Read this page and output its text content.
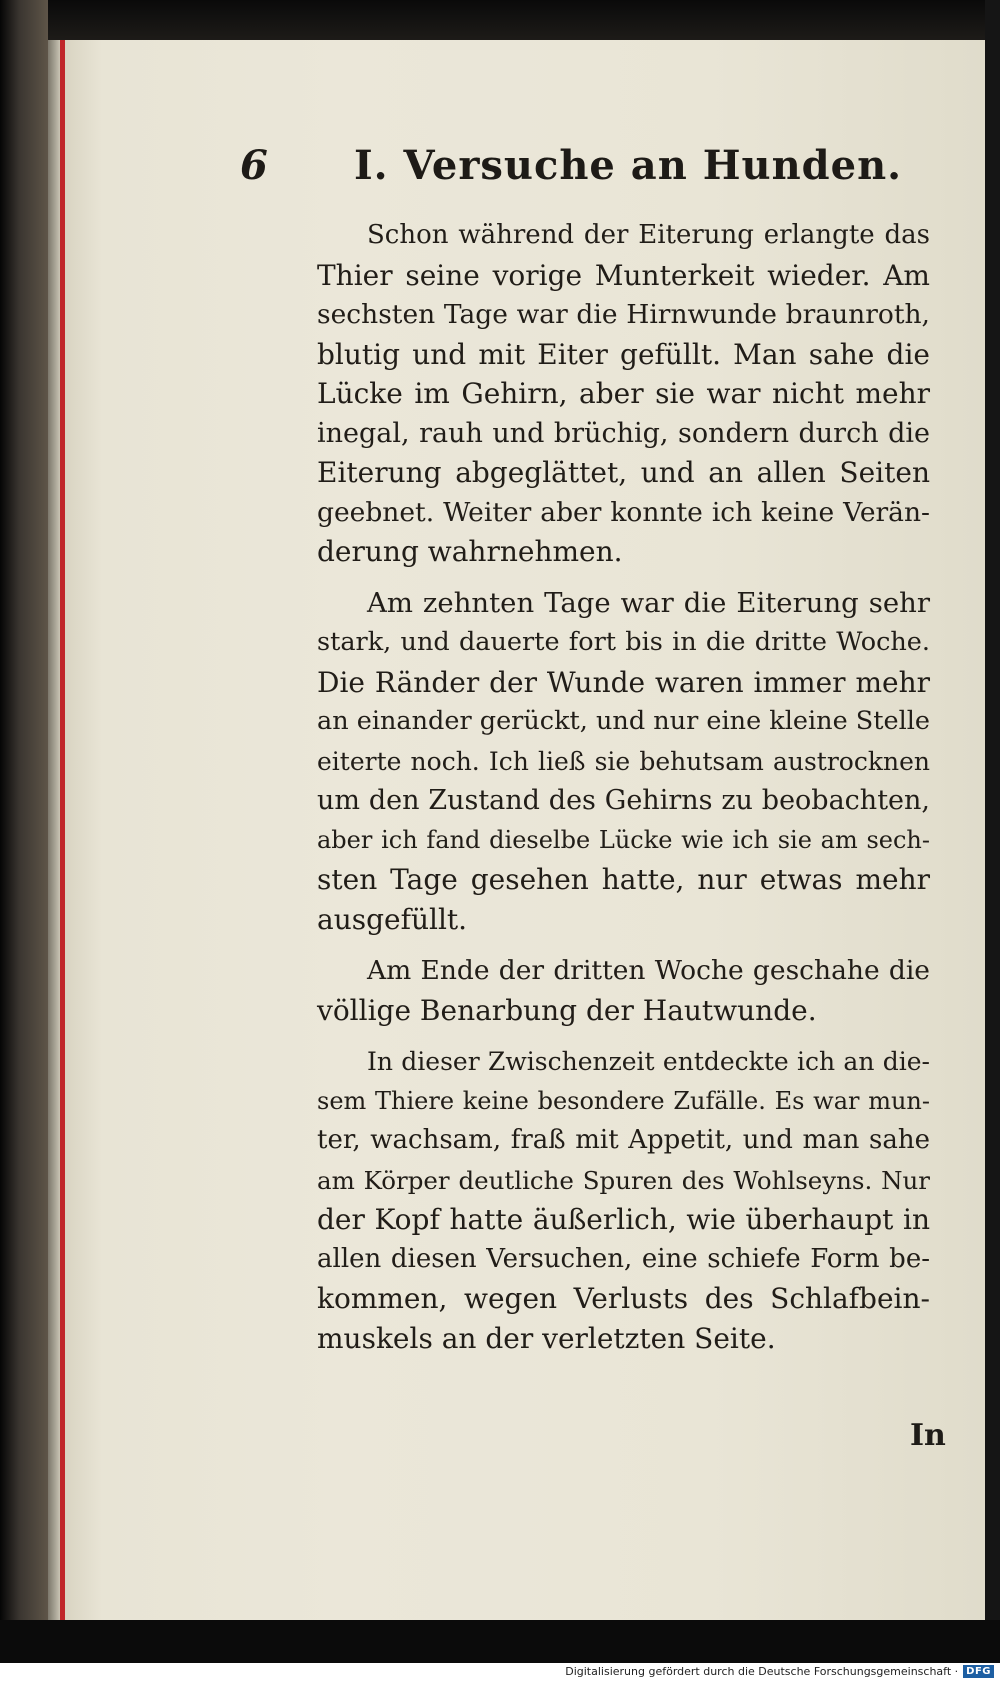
6 I. Versuche an Hunden.
Schon während der Eiterung erlangte das
Thier seine vorige Munterkeit wieder. Am
sechsten Tage war die Hirnwunde braunroth,
blutig und mit Eiter gefüllt. Man sahe die
Lücke im Gehirn, aber sie war nicht mehr
inegal, rauh und brüchig, sondern durch die
Eiterung abgeglättet, und an allen Seiten
geebnet. Weiter aber konnte ich keine Verän-
derung wahrnehmen.
Am zehnten Tage war die Eiterung sehr
stark, und dauerte fort bis in die dritte Woche.
Die Ränder der Wunde waren immer mehr
an einander gerückt, und nur eine kleine Stelle
eiterte noch. Ich ließ sie behutsam austrocknen
um den Zustand des Gehirns zu beobachten,
aber ich fand dieselbe Lücke wie ich sie am sech-
sten Tage gesehen hatte, nur etwas mehr
ausgefüllt.
Am Ende der dritten Woche geschahe die
völlige Benarbung der Hautwunde.
In dieser Zwischenzeit entdeckte ich an die-
sem Thiere keine besondere Zufälle. Es war mun-
ter, wachsam, fraß mit Appetit, und man sahe
am Körper deutliche Spuren des Wohlseyns. Nur
der Kopf hatte äußerlich, wie überhaupt in
allen diesen Versuchen, eine schiefe Form be-
kommen, wegen Verlusts des Schlafbein-
muskels an der verletzten Seite.
In
Digitalisierung gefördert durch die Deutsche Forschungsgemeinschaft · DFG
